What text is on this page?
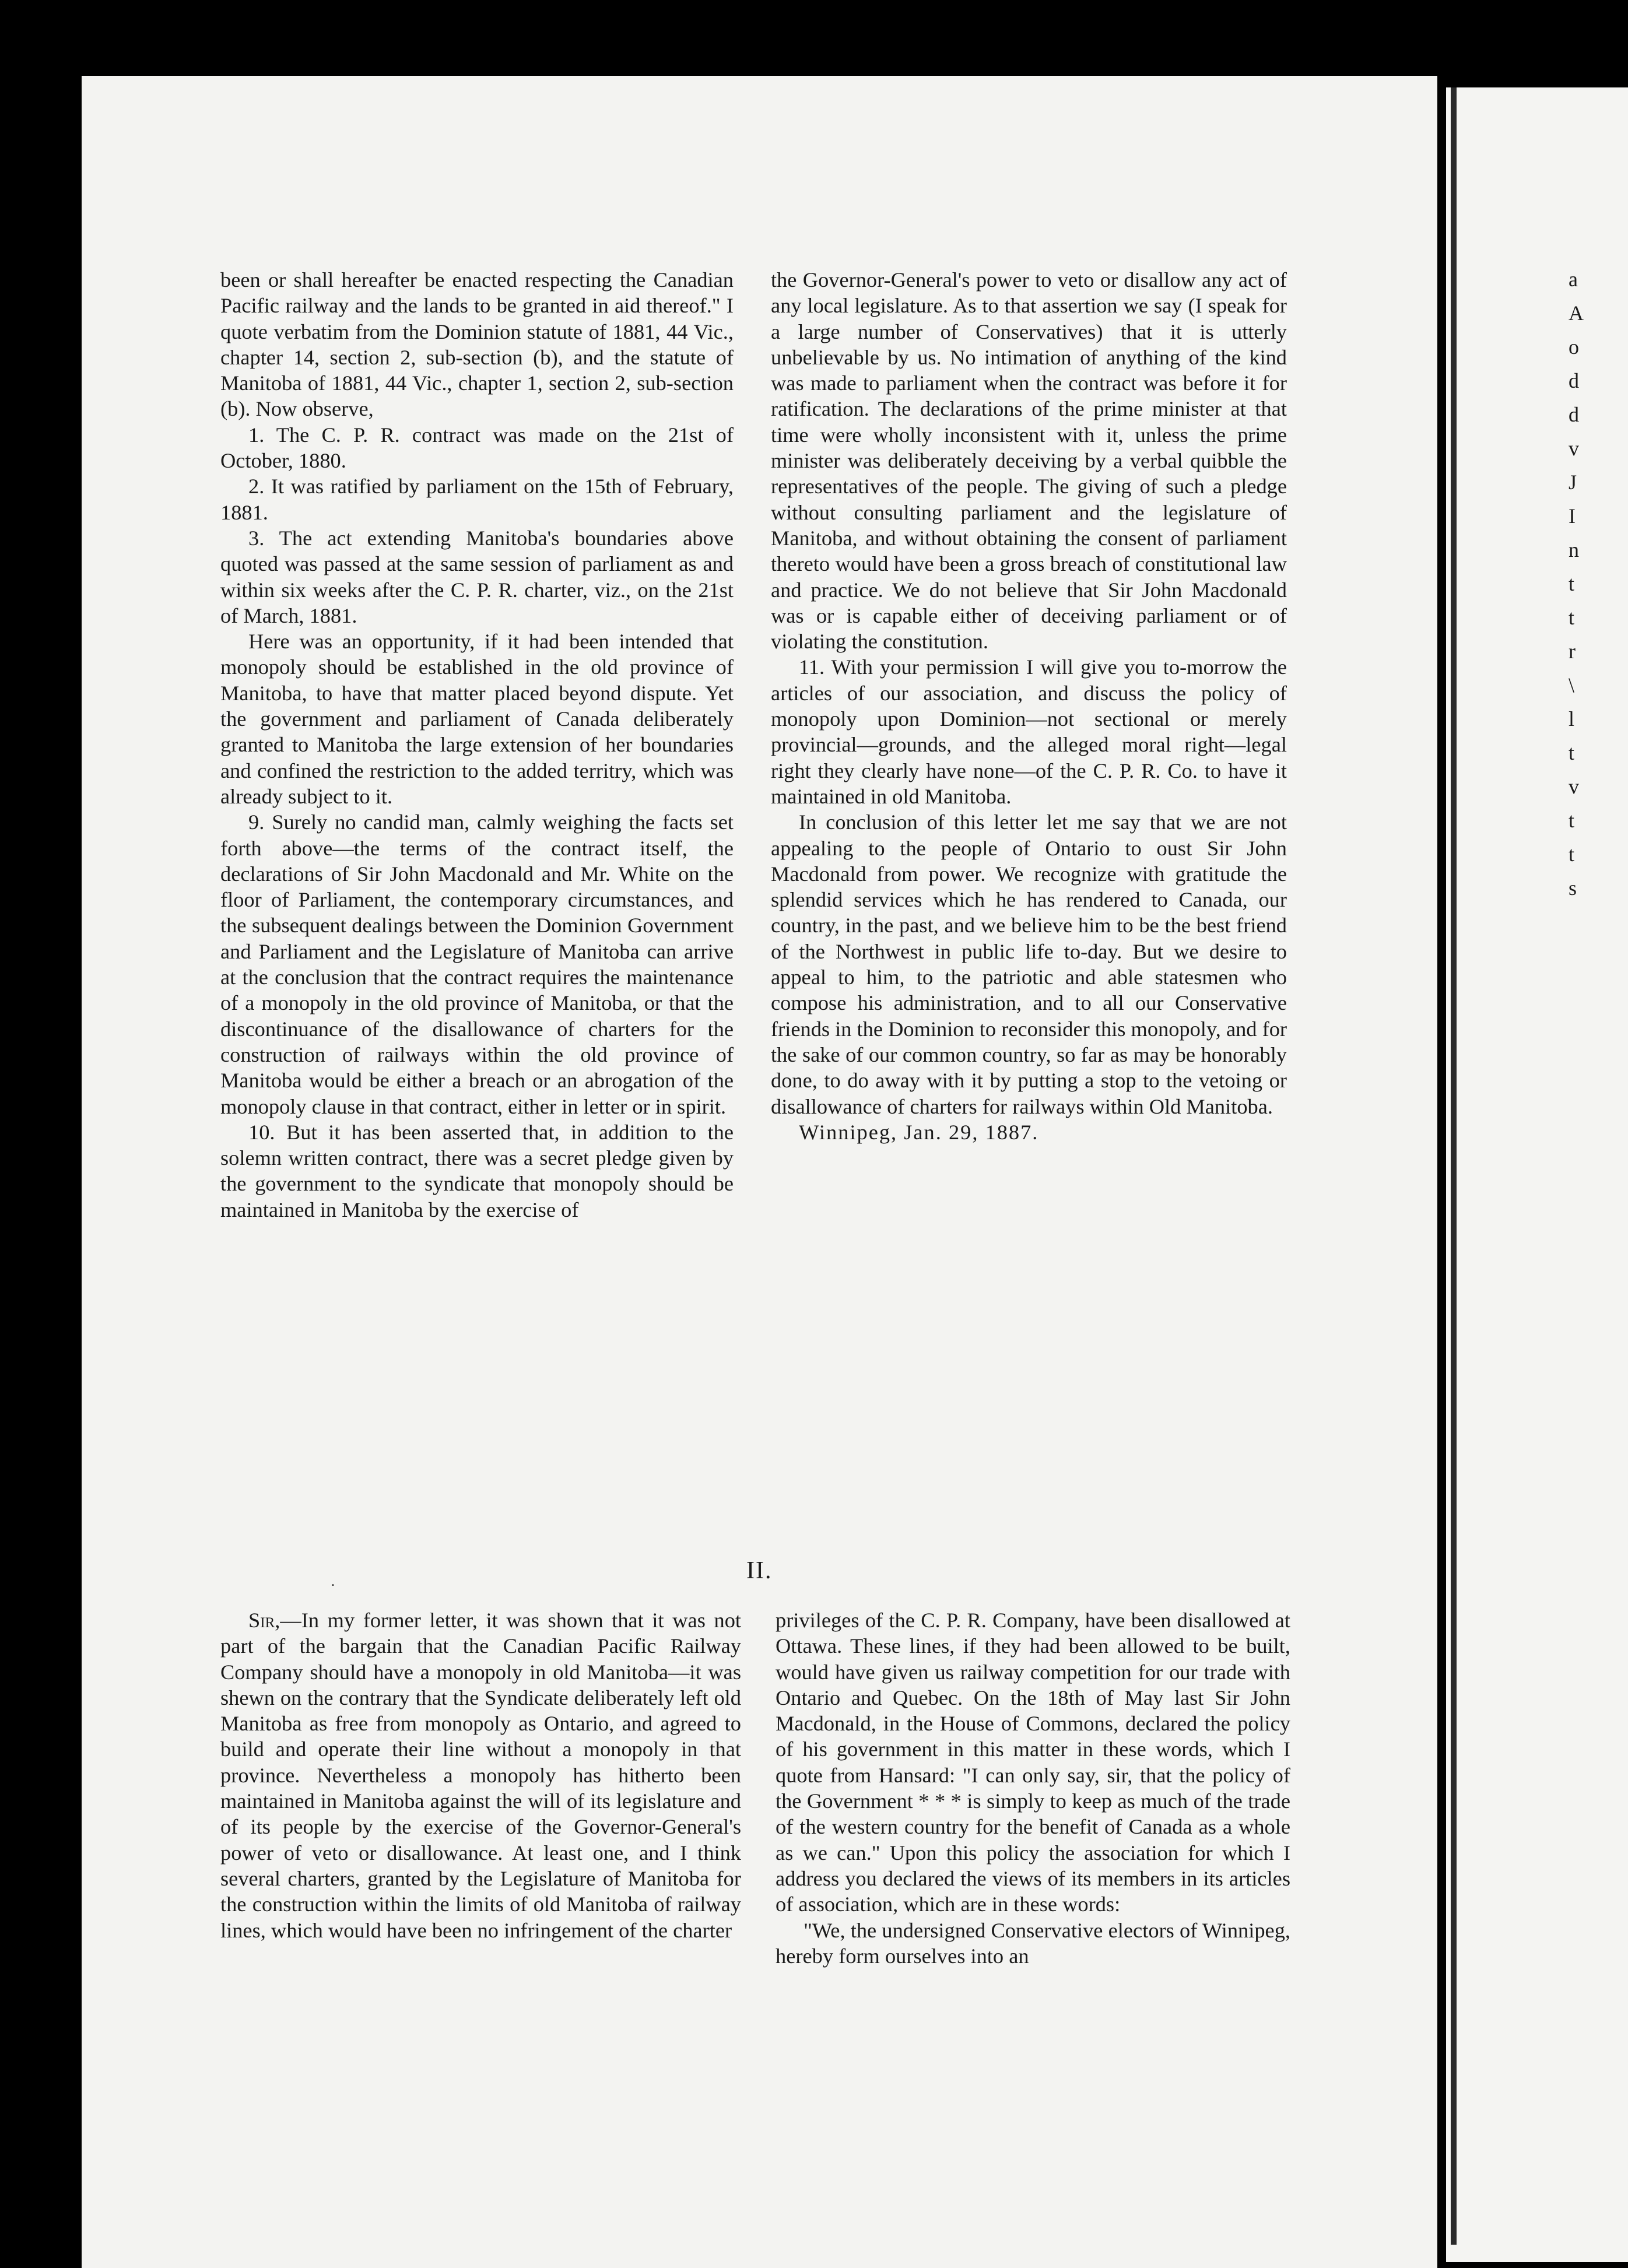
been or shall hereafter be enacted respecting the Canadian Pacific railway and the lands to be granted in aid thereof." I quote verbatim from the Dominion statute of 1881, 44 Vic., chapter 14, section 2, sub-section (b), and the statute of Manitoba of 1881, 44 Vic., chapter 1, section 2, sub-section (b). Now observe,

1. The C. P. R. contract was made on the 21st of October, 1880.

2. It was ratified by parliament on the 15th of February, 1881.

3. The act extending Manitoba's boundaries above quoted was passed at the same session of parliament as and within six weeks after the C. P. R. charter, viz., on the 21st of March, 1881.

Here was an opportunity, if it had been intended that monopoly should be established in the old province of Manitoba, to have that matter placed beyond dispute. Yet the government and parliament of Canada deliberately granted to Manitoba the large extension of her boundaries and confined the restriction to the added territry, which was already subject to it.

9. Surely no candid man, calmly weighing the facts set forth above—the terms of the contract itself, the declarations of Sir John Macdonald and Mr. White on the floor of Parliament, the contemporary circumstances, and the subsequent dealings between the Dominion Government and Parliament and the Legislature of Manitoba can arrive at the conclusion that the contract requires the maintenance of a monopoly in the old province of Manitoba, or that the discontinuance of the disallowance of charters for the construction of railways within the old province of Manitoba would be either a breach or an abrogation of the monopoly clause in that contract, either in letter or in spirit.

10. But it has been asserted that, in addition to the solemn written contract, there was a secret pledge given by the government to the syndicate that monopoly should be maintained in Manitoba by the exercise of

the Governor-General's power to veto or disallow any act of any local legislature. As to that assertion we say (I speak for a large number of Conservatives) that it is utterly unbelievable by us. No intimation of anything of the kind was made to parliament when the contract was before it for ratification. The declarations of the prime minister at that time were wholly inconsistent with it, unless the prime minister was deliberately deceiving by a verbal quibble the representatives of the people. The giving of such a pledge without consulting parliament and the legislature of Manitoba, and without obtaining the consent of parliament thereto would have been a gross breach of constitutional law and practice. We do not believe that Sir John Macdonald was or is capable either of deceiving parliament or of violating the constitution.

11. With your permission I will give you to-morrow the articles of our association, and discuss the policy of monopoly upon Dominion—not sectional or merely provincial—grounds, and the alleged moral right—legal right they clearly have none—of the C. P. R. Co. to have it maintained in old Manitoba.

In conclusion of this letter let me say that we are not appealing to the people of Ontario to oust Sir John Macdonald from power. We recognize with gratitude the splendid services which he has rendered to Canada, our country, in the past, and we believe him to be the best friend of the Northwest in public life to-day. But we desire to appeal to him, to the patriotic and able statesmen who compose his administration, and to all our Conservative friends in the Dominion to reconsider this monopoly, and for the sake of our common country, so far as may be honorably done, to do away with it by putting a stop to the vetoing or disallowance of charters for railways within Old Manitoba.

Winnipeg, Jan. 29, 1887.

.	II.

Sir,—In my former letter, it was shown that it was not part of the bargain that the Canadian Pacific Railway Company should have a monopoly in old Manitoba—it was shewn on the contrary that the Syndicate deliberately left old Manitoba as free from monopoly as Ontario, and agreed to build and operate their line without a monopoly in that province. Nevertheless a monopoly has hitherto been maintained in Manitoba against the will of its legislature and of its people by the exercise of the Governor-General's power of veto or disallowance. At least one, and I think several charters, granted by the Legislature of Manitoba for the construction within the limits of old Manitoba of railway lines, which would have been no infringement of the charter

privileges of the C. P. R. Company, have been disallowed at Ottawa. These lines, if they had been allowed to be built, would have given us railway competition for our trade with Ontario and Quebec. On the 18th of May last Sir John Macdonald, in the House of Commons, declared the policy of his government in this matter in these words, which I quote from Hansard: "I can only say, sir, that the policy of the Government * * * is simply to keep as much of the trade of the western country for the benefit of Canada as a whole as we can." Upon this policy the association for which I address you declared the views of its members in its articles of association, which are in these words:

"We, the undersigned Conservative electors of Winnipeg, hereby form ourselves into an

a
A
o
d
d
v
J
I
n
t
t
r
\
l
t
v
t
t
s
